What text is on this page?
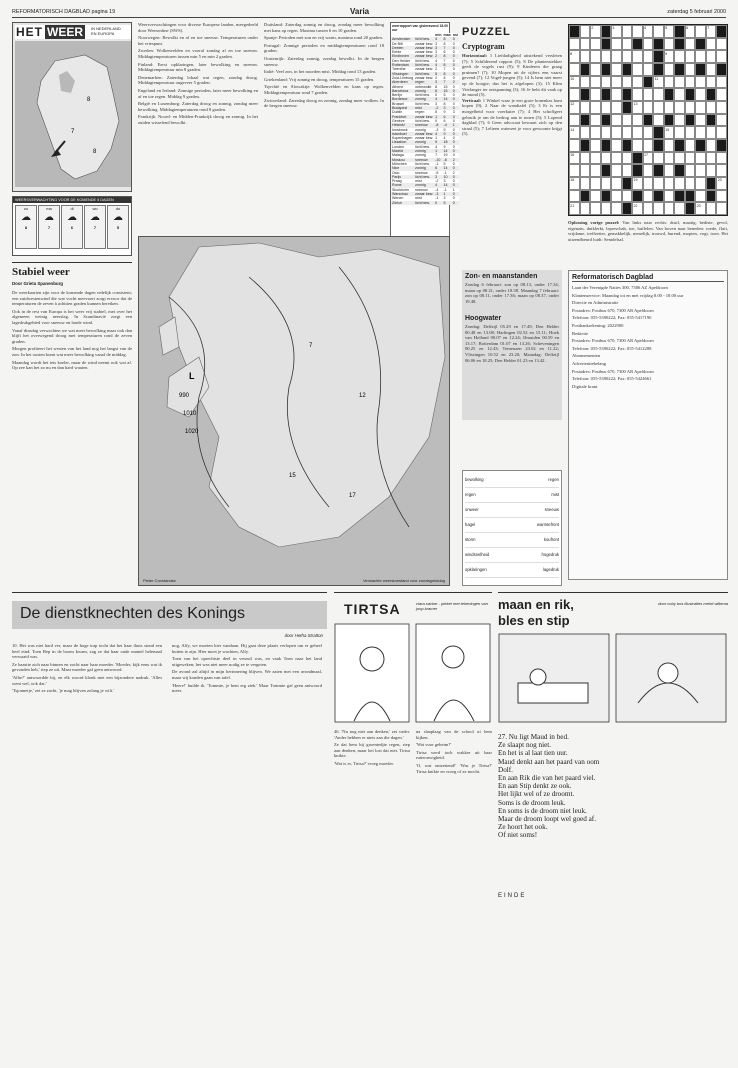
REFORMATORISCH DAGBLAD pagina 19	Varia	zaterdag 5 februari 2000
HET WEER	IN NEDERLAND
EN EUROPA
8
7
8
WEERSVERWACHTING VOOR DE KOMENDE 5 DAGEN
zo
☁
8
ma
☁
7
di
☁
6
wo
☁
7
do
☁
5
Stabiel weer
Door Grieta Spanenburg

De weerkaarten zijn voor de komende dagen redelijk consistent; een zuidwestenwind die wat vocht meevoert zorgt ervoor dat de temperaturen de zeven à achttien graden kunnen bereiken.

Ook in de rest van Europa is het weer vrij stabiel, met over het algemeen weinig neerslag. In Scandinavië zorgt een lagedrukgebied voor sneeuw en harde wind.

Vanaf dinsdag verwachten we wat meer bewolking maar ook dan blijft het overwegend droog met temperaturen rond de zeven graden.

Morgen profiteert het westen van het land nog het langst van de zon. In het oosten komt wat meer bewolking vanaf de middag.

Maandag wordt het iets koeler, maar de wind neemt ook wat af. Op zee kan het zo nu en dan hard waaien.

Weersverwachtingen voor diverse Europese landen, meegedeeld door Weeronline (SWS).

Noorwegen: Bewolkt en af en toe sneeuw. Temperaturen onder het vriespunt.

Zweden: Wolkenvelden en vooral zondag af en toe sneeuw. Middagtemperaturen tussen min 5 en min 2 graden.

Finland: Eerst opklaringen, later bewolking en sneeuw. Middagtemperatuur min 8 graden.

Denemarken: Zaterdag lokaal wat regen, zondag droog. Middagtemperatuur ongeveer 5 graden.

Engeland en Ierland: Zonnige perioden, later meer bewolking en af en toe regen. Middag 9 graden.

België en Luxemburg: Zaterdag droog en zonnig, zondag meer bewolking. Middagtemperaturen rond 8 graden.

Frankrijk: Noord- en Midden-Frankrijk droog en zonnig. In het zuiden wisselend bewolkt.

Duitsland: Zaterdag zonnig en droog, zondag meer bewolking met kans op regen. Maxima tussen 6 en 10 graden.

Spanje: Perioden met zon en vrij warm, maxima rond 20 graden.

Portugal: Zonnige perioden en middagtemperaturen rond 18 graden.

Oostenrijk: Zaterdag zonnig, zondag bewolkt. In de bergen sneeuw.

Italië: Veel zon, in het noorden mist. Middag rond 13 graden.

Griekenland: Vrij zonnig en droog, temperaturen 15 graden.

Tsjechië en Slowakije: Wolkenvelden en kans op regen. Middagtemperatuur rond 7 graden.

Zwitserland: Zaterdag droog en zonnig, zondag meer wolken. In de bergen sneeuw.

weerrapport van gisteravond 18.00 uur
		min	max	nsl
Amsterdam	licht bew.	4	8	0
De Bilt	zwaar bew.	3	8	0
Deelen	zwaar bew.	3	7	0
Eelde	zwaar bew.	3	6	0
Eindhoven	zwaar bew.	2	8	0
Den Helder	licht bew.	4	7	0
Rotterdam	licht bew.	4	8	0
Twenthe	zwaar bew.	2	7	0
Vlissingen	licht bew.	5	8	0
Zuid-Limburg	zwaar bew.	2	8	0
Aberdeen	regen	3	7	2
Athene	onbewolkt	8	15	0
Barcelona	zonnig	6	15	0
Berlijn	licht bew.	0	5	0
Bordeaux	zonnig	4	14	0
Brussel	licht bew.	3	8	0
Budapest	mist	-2	3	0
Dublin	regen	5	9	3
Frankfurt	zwaar bew.	1	6	0
Genève	licht bew.	0	6	0
Helsinki	sneeuw	-8	-4	1
Innsbruck	zonnig	-3	5	0
Istanboel	zwaar bew.	4	9	0
Kopenhagen	zwaar bew.	1	4	0
Lissabon	zonnig	9	18	0
Londen	licht bew.	4	9	0
Madrid	zonnig	1	14	0
Malaga	zonnig	7	19	0
Moskou	sneeuw	-10	-6	2
München	licht bew.	-1	5	0
Nice	zonnig	6	14	0
Oslo	sneeuw	-5	-1	2
Parijs	licht bew.	3	10	0
Praag	mist	-2	3	0
Rome	zonnig	4	14	0
Stockholm	sneeuw	-4	-1	1
Warschau	zwaar bew.	-3	1	0
Wenen	mist	-1	3	0
Zürich	licht bew.	0	5	0

PUZZEL
Cryptogram
Horizontaal: 1 Liefdadigheid uitstekend versleten (7); 5 Schilderend rapport (5); 8 De plantenstekker geeft de vogels rust (9); 9 Kinderen die graag pruimen? (7); 10 Mopen uit de cijfers een vaarst gevend (7); 12 Vogel-jongen (5); 14 Is hem niet meer op de hoogte; dus het is afgelopen (3); 15 Klim Vierlanger ter ontspanning (3); 16 Je hebt dit vaak op de mond (5).
Verticaal: 1 Winkel waar je een grote bonenkas kunt kopen (9); 2 Naar de wandtafel (5); 3 Er is een morgelheid voor voerkuier (7); 4 Het schoffgeet gebruik je om de bedrog aan te tonen (5); 5 Lopend dagblad (7); 6 Geen advocaat bewaart zich op den straal (5); 7 Lelieen waterzet je voor gewoonte krijgt (5).
2	3	4	5	6	7
8	9
10	11
12	13
14	15
16	17
18	19	20
21	22	23
Oplossing vorige puzzel: Van links naar rechts: druif, maatig, bediste, gevol, eigenzin, duiklerkt, lepreschab, toe, buffelen. Van boven naar beneden: roede, fluit, vrijdame, treffzetter, gemakkelijk, nemelijk, trouwd, hurend, mopten, vogt, toon. Het uitzendbeurd luidt: Sentdelsal.
Zon- en maanstanden
Zondag 6 februari: zon op 08.13, onder 17.34; maan op 08.21, onder 18.38. Maandag 7 februari: zon op 08.11, onder 17.36; maan op 08.37, onder 19.48.
Hoogwater
Zondag: Delfzijl 05.29 en 17.49; Den Helder 00.48 en 13.08; Harlingen 02.52 en 15.11; Hoek van Holland 00.07 en 12.24; IJmuiden 00.59 en 13.17; Rotterdam 01.07 en 13.26; Scheveningen 00.25 en 12.43; Terneuzen 23.02 en 11.22; Vlissingen 10.52 en 23.20; Maandag: Delfzijl 06.06 en 18.25; Den Helder 01.23 en 13.42.
Reformatorisch Dagblad

Laan der Verenigde Naties 300, 7306 AZ Apeldoorn

Klantenservice: Maandag tot en met vrijdag 8.00 - 18.00 uur

Directie en Administratie

Postadres: Postbus 670, 7300 AR Apeldoorn

Telefoon: 055-5390222; Fax: 055-5417190

Postbankrekening: 2022900

Redactie

Postadres: Postbus 670, 7300 AR Apeldoorn

Telefoon: 055-5390222; Fax: 055-5412288

Abonnementen

Advertentiebelang

Postadres: Postbus 670, 7300 AR Apeldoorn

Telefoon: 055-5390222; Fax: 055-5424661

Digitale krant

L
990
1010
1020
7
12
15
17
Pieter Constandse	Verwachte weerstoestand voor zondagmiddag
bewolking	regen
regen	mist
onweer	sneeuw
hagel	warmtefront
storm	koufront
windsnelheid	hogedruk
opklaringen	lagedruk
De dienstknechten des Konings
door Hetha Stratton

10. Het was niet hard ver, maar de hoge trap tocht dat het haar thuis stond een heel eind. Toen Bep in de boom kwam, zag ze dat haar oude mantel helemaal verwaaid was.

Ze haastte zich naar binnen en zocht naar haar moeder. 'Moeder, kijk eens wat ik gevonden heb,' riep ze uit. Maar moeder gaf geen antwoord.

'Afhe?' antwoordde hij, en elk woord klonk met een bijzondere nadruk. 'Alles went wel, ook dat.'

'Tsjonnetje,' zei ze zacht, 'je mag blijven zolang je wilt.'

nog, Alfy, we moeten hier vandaan. Hij gaat deze plaats verlopen om er geheel buiten te zijn. Hier moet je wachten, Alfy.

Toen van het oprechtste deel in verzuil was, en vaak Toen naar het land uitgeweken; het was niet meer nodig ze te vergeten.

De avond zal altijd in mijn herinnering blijven. We zaten met een avondmaal, maar wij konden gaan van tafel.

'Heere!' huilde ik. 'Tommie, je bent erg ziek.' Maar Tommie gaf geen antwoord meer.

TIRTSA	clara sacker - pieket met tekeningen van joop kramer

46. 'Nu nog niet aan denken,' zei vader. 'Ander hebben er niets aan die dagen.'

Ze dat hem bij groentedjie regen, riep aan denken, maar het lost dat niet. Tirtsa knikte.

'Wat is er, Tirtsa?' vroeg moeder.

na slaaplaag van de school ui hem kijken.

'Wat voor geheim?'

Tirtsa werd toch wakker uit haar ruiteouwigheid.

'O, wat ontzettend!' 'Was je Tirtsa?' Tirtsa knikte en vroeg of ze mocht.

maan en rik,
bles en stip
door coby bos illustraties roelof wiltema
27. Nu ligt Maud in bed.
Ze slaapt nog niet.
En het is al laat tien uur.
Maud denkt aan het paard van oom Dolf.
En aan Rik die van het paard viel.
En aan Stip denkt ze ook.
Het lijkt wel of ze droomt.
Soms is de droom leuk.
En soms is de droom niet leuk.
Maar de droom loopt wel goed af.
Ze hoort het ook.
Of niet soms!
EINDE
